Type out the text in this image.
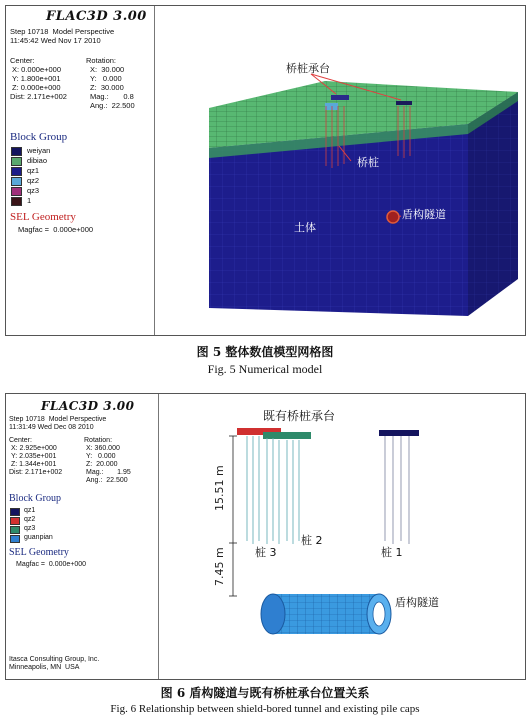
FLAC3D 3.00
Step 10718  Model Perspective
11:45:42 Wed Nov 17 2010
Center:
X: 0.000e+000
Y: 1.800e+001
Z: 0.000e+000
Dist: 2.171e+002
Rotation:
X:  30.000
Y:   0.000
Z:  30.000
Mag.:       0.8
Ang.:  22.500
Block Group
weiyan
dibiao
qz1
qz2
qz3
1
SEL Geometry
Magfac =  0.000e+000
桥桩承台
桥桩
土体
盾构隧道
图 5 整体数值模型网格图
Fig. 5 Numerical model
FLAC3D 3.00
Step 10718  Model Perspective
11:31:49 Wed Dec 08 2010
Center:
X: 2.925e+000
Y: 2.035e+001
Z: 1.344e+001
Dist: 2.171e+002
Rotation:
X: 360.000
Y:   0.000
Z:  20.000
Mag.:       1.95
Ang.:  22.500
Block Group
qz1
qz2
qz3
guanpian
SEL Geometry
Magfac =  0.000e+000
Itasca Consulting Group, Inc.
Minneapolis, MN  USA
15.51 m
7.45 m
既有桥桩承台
桩 3
桩 2
桩 1
盾构隧道
图 6 盾构隧道与既有桥桩承台位置关系
Fig. 6 Relationship between shield-bored tunnel and existing pile caps
